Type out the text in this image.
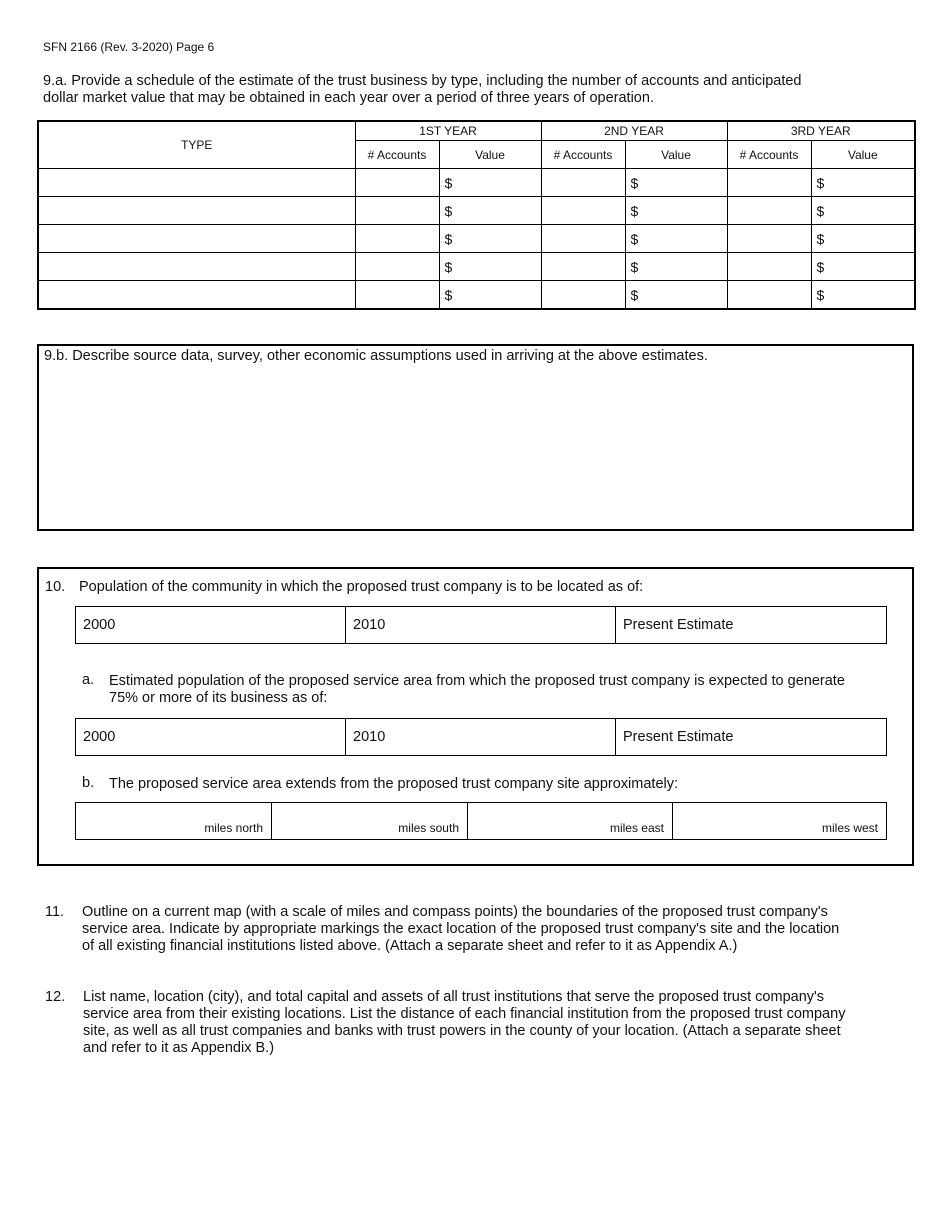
SFN 2166 (Rev. 3-2020) Page 6
9.a. Provide a schedule of the estimate of the trust business by type, including the number of accounts and anticipated dollar market value that may be obtained in each year over a period of three years of operation.
TYPE	1ST YEAR		2ND YEAR		3RD YEAR	
	# Accounts	Value	# Accounts	Value	# Accounts	Value
		$		$		$
		$		$		$
		$		$		$
		$		$		$
		$		$		$
9.b. Describe source data, survey, other economic assumptions used in arriving at the above estimates.
10. Population of the community in which the proposed trust company is to be located as of:
2000	2010	Present Estimate
a. Estimated population of the proposed service area from which the proposed trust company is expected to generate 75% or more of its business as of:
2000	2010	Present Estimate
b. The proposed service area extends from the proposed trust company site approximately:
miles north	miles south	miles east	miles west
11. Outline on a current map (with a scale of miles and compass points) the boundaries of the proposed trust company's service area. Indicate by appropriate markings the exact location of the proposed trust company's site and the location of all existing financial institutions listed above. (Attach a separate sheet and refer to it as Appendix A.)
12. List name, location (city), and total capital and assets of all trust institutions that serve the proposed trust company's service area from their existing locations. List the distance of each financial institution from the proposed trust company site, as well as all trust companies and banks with trust powers in the county of your location. (Attach a separate sheet and refer to it as Appendix B.)
